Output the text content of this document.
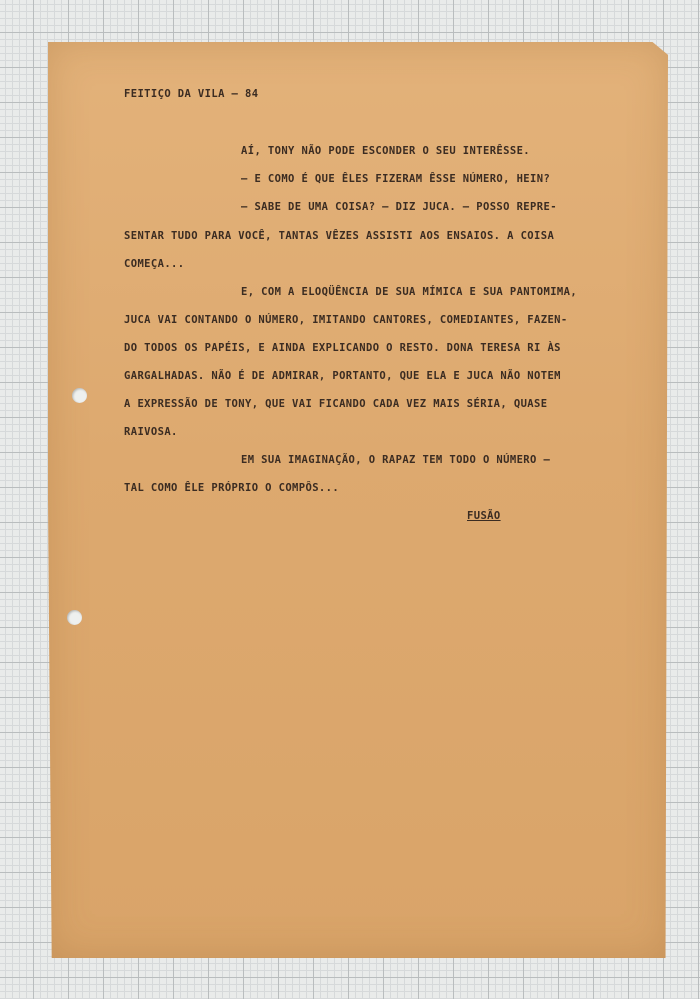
FEITIÇO DA VILA — 84

AÍ, TONY NÃO PODE ESCONDER O SEU INTERÊSSE.

— E COMO É QUE ÊLES FIZERAM ÊSSE NÚMERO, HEIN?

— SABE DE UMA COISA? — DIZ JUCA. — POSSO REPRE-

SENTAR TUDO PARA VOCÊ, TANTAS VÊZES ASSISTI AOS ENSAIOS. A COISA

COMEÇA...

E, COM A ELOQÜÊNCIA DE SUA MÍMICA E SUA PANTOMIMA,

JUCA VAI CONTANDO O NÚMERO, IMITANDO CANTORES, COMEDIANTES, FAZEN-

DO TODOS OS PAPÉIS, E AINDA EXPLICANDO O RESTO. DONA TERESA RI ÀS

GARGALHADAS. NÃO É DE ADMIRAR, PORTANTO, QUE ELA E JUCA NÃO NOTEM

A EXPRESSÃO DE TONY, QUE VAI FICANDO CADA VEZ MAIS SÉRIA, QUASE

RAIVOSA.

EM SUA IMAGINAÇÃO, O RAPAZ TEM TODO O NÚMERO —

TAL COMO ÊLE PRÓPRIO O COMPÔS...

FUSÃO
